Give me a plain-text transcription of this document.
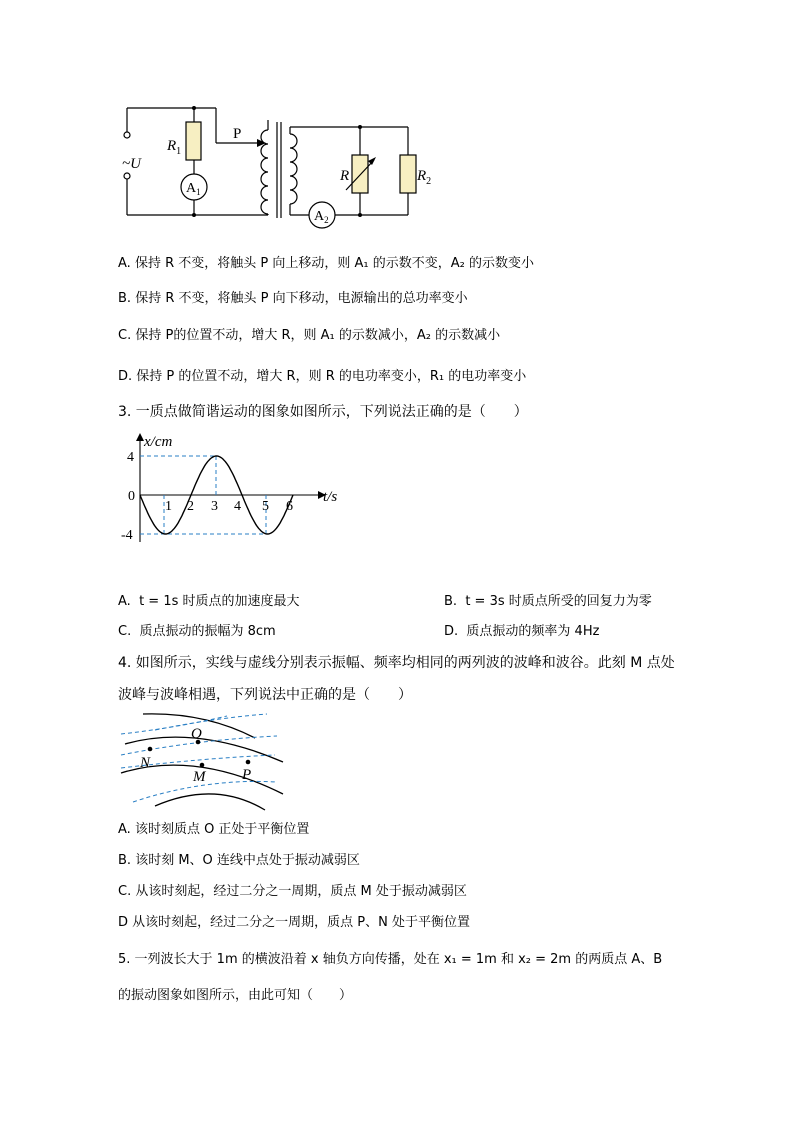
~U
$R_1$
$A_1$
P
R	$R_2$
$A_2$
A. 保持 R 不变，将触头 P 向上移动，则 A₁ 的示数不变，A₂ 的示数变小
B. 保持 R 不变，将触头 P 向下移动，电源输出的总功率变小
C. 保持 P的位置不动，增大 R，则 A₁ 的示数减小，A₂ 的示数减小
D. 保持 P 的位置不动，增大 R，则 R 的电功率变小，R₁ 的电功率变小
3. 一质点做简谐运动的图象如图所示，下列说法正确的是（　　）
x/cm
t/s
0
4
-4
1 2 3 4 5 6
A. t = 1s 时质点的加速度最大	B. t = 3s 时质点所受的回复力为零
C. 质点振动的振幅为 8cm	D. 质点振动的频率为 4Hz
4. 如图所示，实线与虚线分别表示振幅、频率均相同的两列波的波峰和波谷。此刻 M 点处
波峰与波峰相遇，下列说法中正确的是（　　）
O
N
M P
A. 该时刻质点 O 正处于平衡位置
B. 该时刻 M、O 连线中点处于振动减弱区
C. 从该时刻起，经过二分之一周期，质点 M 处于振动减弱区
D 从该时刻起，经过二分之一周期，质点 P、N 处于平衡位置
5. 一列波长大于 1m 的横波沿着 x 轴负方向传播，处在 x₁ = 1m 和 x₂ = 2m 的两质点 A、B
的振动图象如图所示，由此可知（　　）
